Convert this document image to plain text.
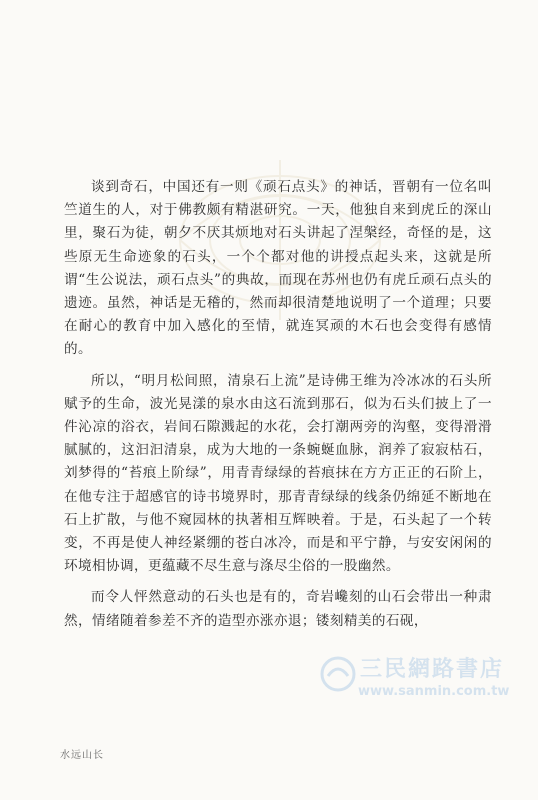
谈到奇石，中国还有一则《顽石点头》的神话，晋朝有一位名叫竺道生的人，对于佛教颇有精湛研究。一天，他独自来到虎丘的深山里，聚石为徒，朝夕不厌其烦地对石头讲起了涅槃经，奇怪的是，这些原无生命迹象的石头，一个个都对他的讲授点起头来，这就是所谓“生公说法，顽石点头”的典故，而现在苏州也仍有虎丘顽石点头的遗迹。虽然，神话是无稽的，然而却很清楚地说明了一个道理；只要在耐心的教育中加入感化的至情，就连冥顽的木石也会变得有感情的。

所以，“明月松间照，清泉石上流”是诗佛王维为冷冰冰的石头所赋予的生命，波光晃漾的泉水由这石流到那石，似为石头们披上了一件沁凉的浴衣，岩间石隙溅起的水花，会打潮两旁的沟壑，变得滑滑腻腻的，这汩汩清泉，成为大地的一条蜿蜒血脉，润养了寂寂枯石，刘梦得的“苔痕上阶绿”，用青青绿绿的苔痕抹在方方正正的石阶上，在他专注于超感官的诗书境界时，那青青绿绿的线条仍绵延不断地在石上扩散，与他不窥园林的执著相互辉映着。于是，石头起了一个转变，不再是使人神经紧绷的苍白冰冷，而是和平宁静，与安安闲闲的环境相协调，更蕴藏不尽生意与涤尽尘俗的一股幽然。

而令人怦然意动的石头也是有的，奇岩巉刻的山石会带出一种肃然，情绪随着参差不齐的造型亦涨亦退；镂刻精美的石砚，

三民網路書店
www.sanmin.com.tw
水远山长
